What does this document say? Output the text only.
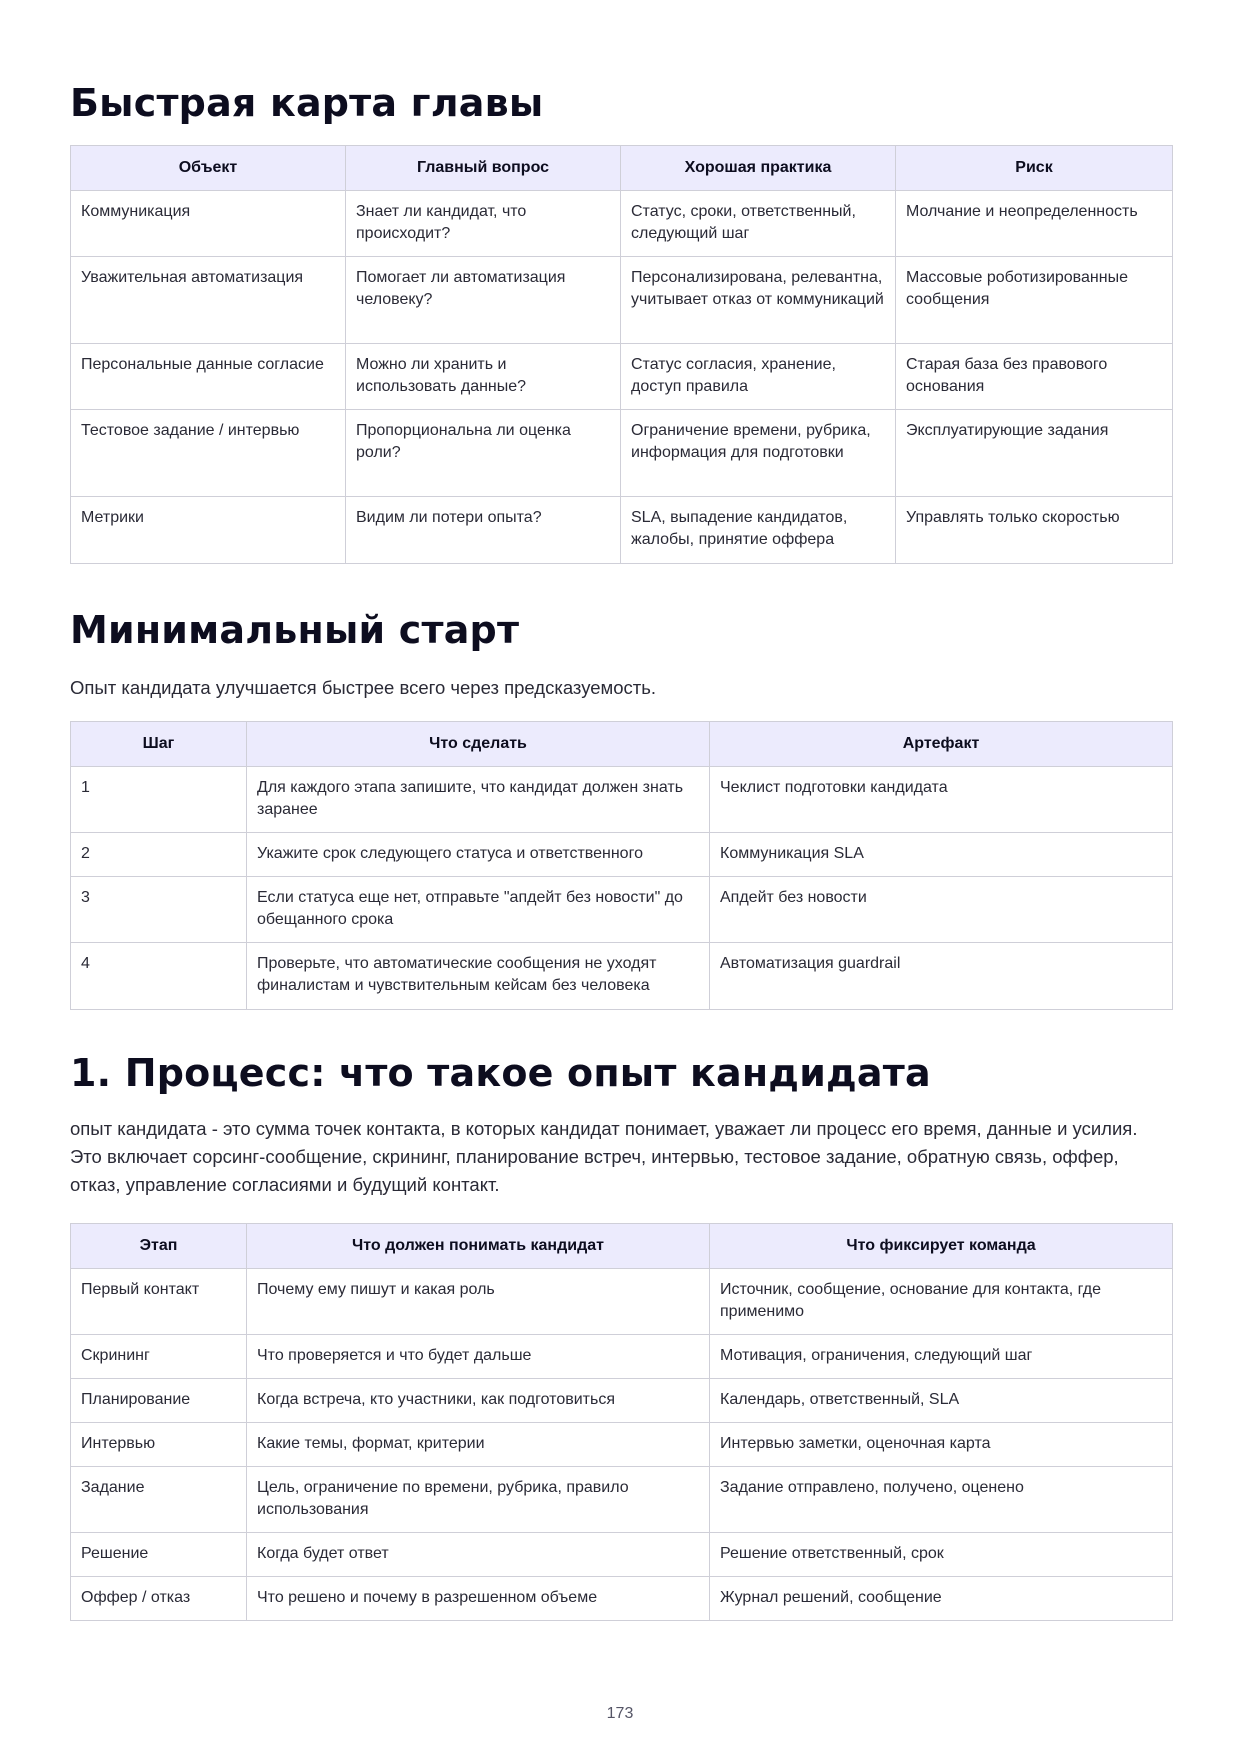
Быстрая карта главы
Объект	Главный вопрос	Хорошая практика	Риск
Коммуникация	Знает ли кандидат, что происходит?	Статус, сроки, ответственный, следующий шаг	Молчание и неопределенность
Уважительная автоматизация	Помогает ли автоматизация человеку?	Персонализирована, релевантна, учитывает отказ от коммуникаций	Массовые роботизированные сообщения
Персональные данные согласие	Можно ли хранить и использовать данные?	Статус согласия, хранение, доступ правила	Старая база без правового основания
Тестовое задание / интервью	Пропорциональна ли оценка роли?	Ограничение времени, рубрика, информация для подготовки	Эксплуатирующие задания
Метрики	Видим ли потери опыта?	SLA, выпадение кандидатов, жалобы, принятие оффера	Управлять только скоростью
Минимальный старт

Опыт кандидата улучшается быстрее всего через предсказуемость.

Шаг	Что сделать	Артефакт
1	Для каждого этапа запишите, что кандидат должен знать заранее	Чеклист подготовки кандидата
2	Укажите срок следующего статуса и ответственного	Коммуникация SLA
3	Если статуса еще нет, отправьте "апдейт без новости" до обещанного срока	Апдейт без новости
4	Проверьте, что автоматические сообщения не уходят финалистам и чувствительным кейсам без человека	Автоматизация guardrail
1. Процесс: что такое опыт кандидата

опыт кандидата - это сумма точек контакта, в которых кандидат понимает, уважает ли процесс его время, данные и усилия. Это включает сорсинг-сообщение, скрининг, планирование встреч, интервью, тестовое задание, обратную связь, оффер, отказ, управление согласиями и будущий контакт.

Этап	Что должен понимать кандидат	Что фиксирует команда
Первый контакт	Почему ему пишут и какая роль	Источник, сообщение, основание для контакта, где применимо
Скрининг	Что проверяется и что будет дальше	Мотивация, ограничения, следующий шаг
Планирование	Когда встреча, кто участники, как подготовиться	Календарь, ответственный, SLA
Интервью	Какие темы, формат, критерии	Интервью заметки, оценочная карта
Задание	Цель, ограничение по времени, рубрика, правило использования	Задание отправлено, получено, оценено
Решение	Когда будет ответ	Решение ответственный, срок
Оффер / отказ	Что решено и почему в разрешенном объеме	Журнал решений, сообщение
173
